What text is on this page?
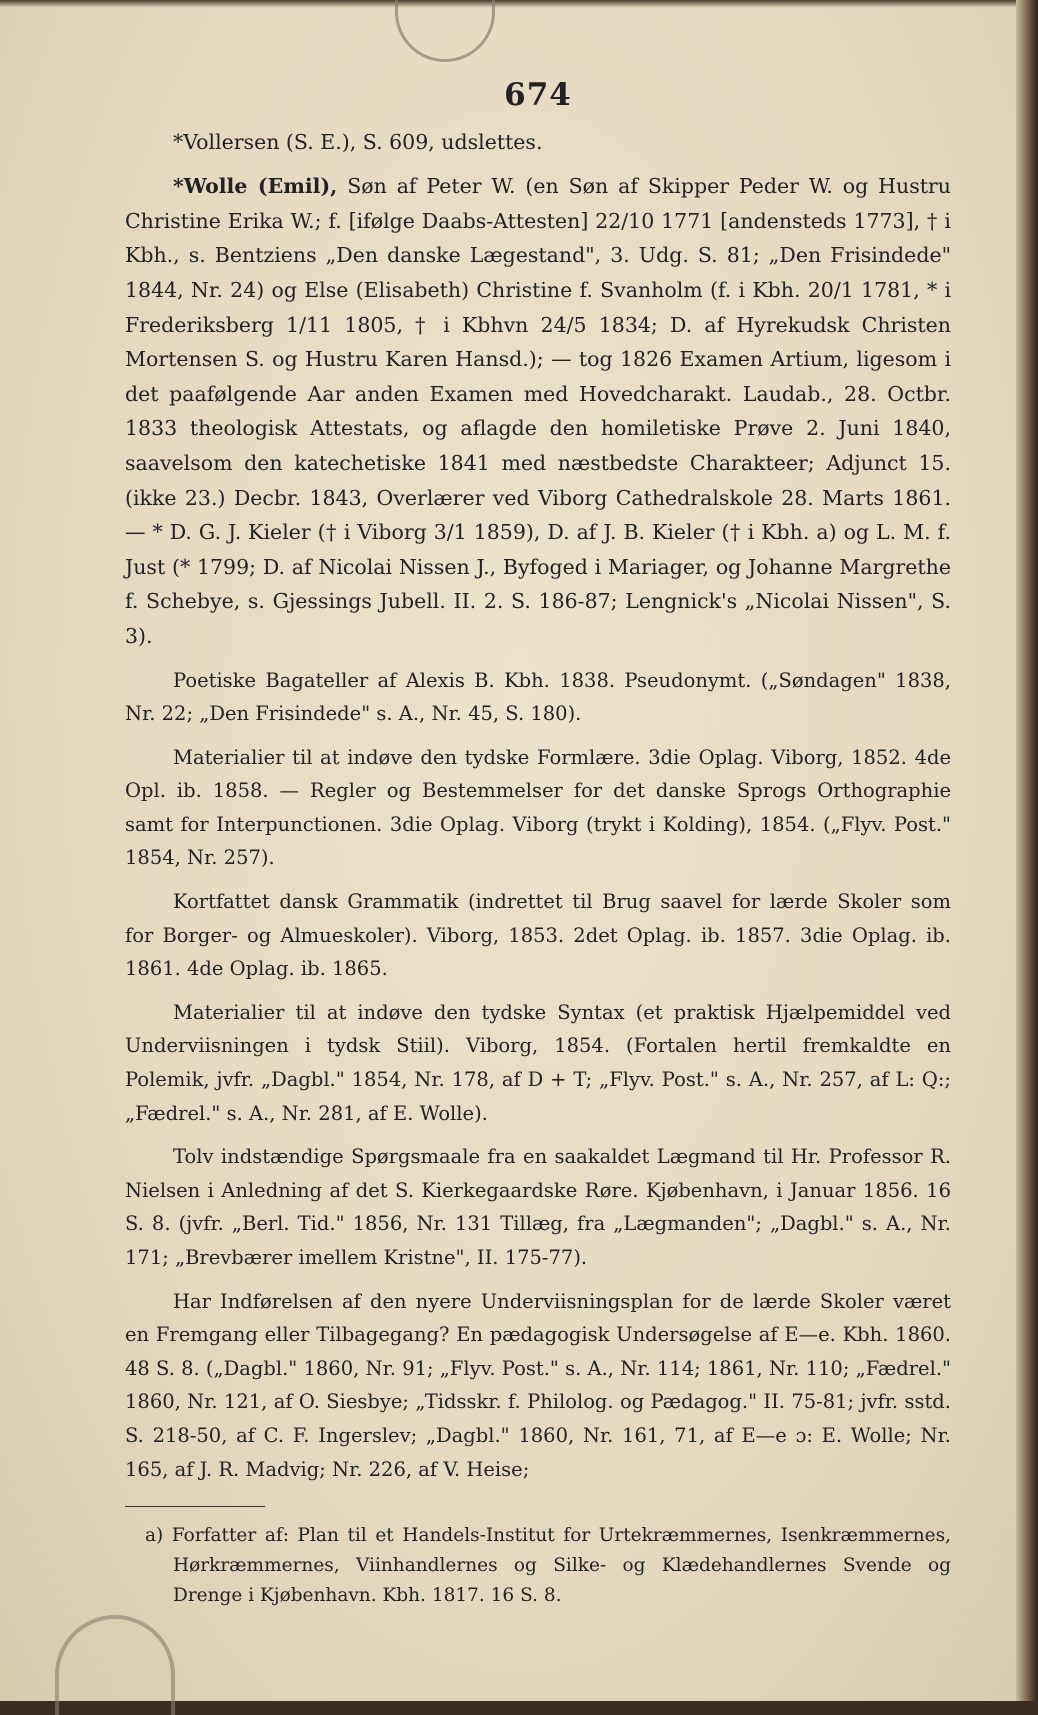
674

*Vollersen (S. E.), S. 609, udslettes.

*Wolle (Emil), Søn af Peter W. (en Søn af Skipper Peder W. og Hustru Christine Erika W.; f. [ifølge Daabs-Attesten] 22/10 1771 [andensteds 1773], † i Kbh., s. Bentziens „Den danske Lægestand", 3. Udg. S. 81; „Den Frisindede" 1844, Nr. 24) og Else (Elisabeth) Christine f. Svanholm (f. i Kbh. 20/1 1781, * i Frederiksberg 1/11 1805, † i Kbhvn 24/5 1834; D. af Hyrekudsk Christen Mortensen S. og Hustru Karen Hansd.); — tog 1826 Examen Artium, ligesom i det paafølgende Aar anden Examen med Hovedcharakt. Laudab., 28. Octbr. 1833 theologisk Attestats, og aflagde den homiletiske Prøve 2. Juni 1840, saavelsom den katechetiske 1841 med næstbedste Charakteer; Adjunct 15. (ikke 23.) Decbr. 1843, Overlærer ved Viborg Cathedralskole 28. Marts 1861. — * D. G. J. Kieler († i Viborg 3/1 1859), D. af J. B. Kieler († i Kbh. a) og L. M. f. Just (* 1799; D. af Nicolai Nissen J., Byfoged i Mariager, og Johanne Margrethe f. Schebye, s. Gjessings Jubell. II. 2. S. 186-87; Lengnick's „Nicolai Nissen", S. 3).

Poetiske Bagateller af Alexis B. Kbh. 1838. Pseudonymt. („Søndagen" 1838, Nr. 22; „Den Frisindede" s. A., Nr. 45, S. 180).

Materialier til at indøve den tydske Formlære. 3die Oplag. Viborg, 1852. 4de Opl. ib. 1858. — Regler og Bestemmelser for det danske Sprogs Orthographie samt for Interpunctionen. 3die Oplag. Viborg (trykt i Kolding), 1854. („Flyv. Post." 1854, Nr. 257).

Kortfattet dansk Grammatik (indrettet til Brug saavel for lærde Skoler som for Borger- og Almueskoler). Viborg, 1853. 2det Oplag. ib. 1857. 3die Oplag. ib. 1861. 4de Oplag. ib. 1865.

Materialier til at indøve den tydske Syntax (et praktisk Hjælpemiddel ved Underviisningen i tydsk Stiil). Viborg, 1854. (Fortalen hertil fremkaldte en Polemik, jvfr. „Dagbl." 1854, Nr. 178, af D + T; „Flyv. Post." s. A., Nr. 257, af L: Q:; „Fædrel." s. A., Nr. 281, af E. Wolle).

Tolv indstændige Spørgsmaale fra en saakaldet Lægmand til Hr. Professor R. Nielsen i Anledning af det S. Kierkegaardske Røre. Kjøbenhavn, i Januar 1856. 16 S. 8. (jvfr. „Berl. Tid." 1856, Nr. 131 Tillæg, fra „Lægmanden"; „Dagbl." s. A., Nr. 171; „Brevbærer imellem Kristne", II. 175-77).

Har Indførelsen af den nyere Underviisningsplan for de lærde Skoler været en Fremgang eller Tilbagegang? En pædagogisk Undersøgelse af E—e. Kbh. 1860. 48 S. 8. („Dagbl." 1860, Nr. 91; „Flyv. Post." s. A., Nr. 114; 1861, Nr. 110; „Fædrel." 1860, Nr. 121, af O. Siesbye; „Tidsskr. f. Philolog. og Pædagog." II. 75-81; jvfr. sstd. S. 218-50, af C. F. Ingerslev; „Dagbl." 1860, Nr. 161, 71, af E—e ɔ: E. Wolle; Nr. 165, af J. R. Madvig; Nr. 226, af V. Heise;

a) Forfatter af: Plan til et Handels-Institut for Urtekræmmernes, Isenkræmmernes, Hørkræmmernes, Viinhandlernes og Silke- og Klædehandlernes Svende og Drenge i Kjøbenhavn. Kbh. 1817. 16 S. 8.
